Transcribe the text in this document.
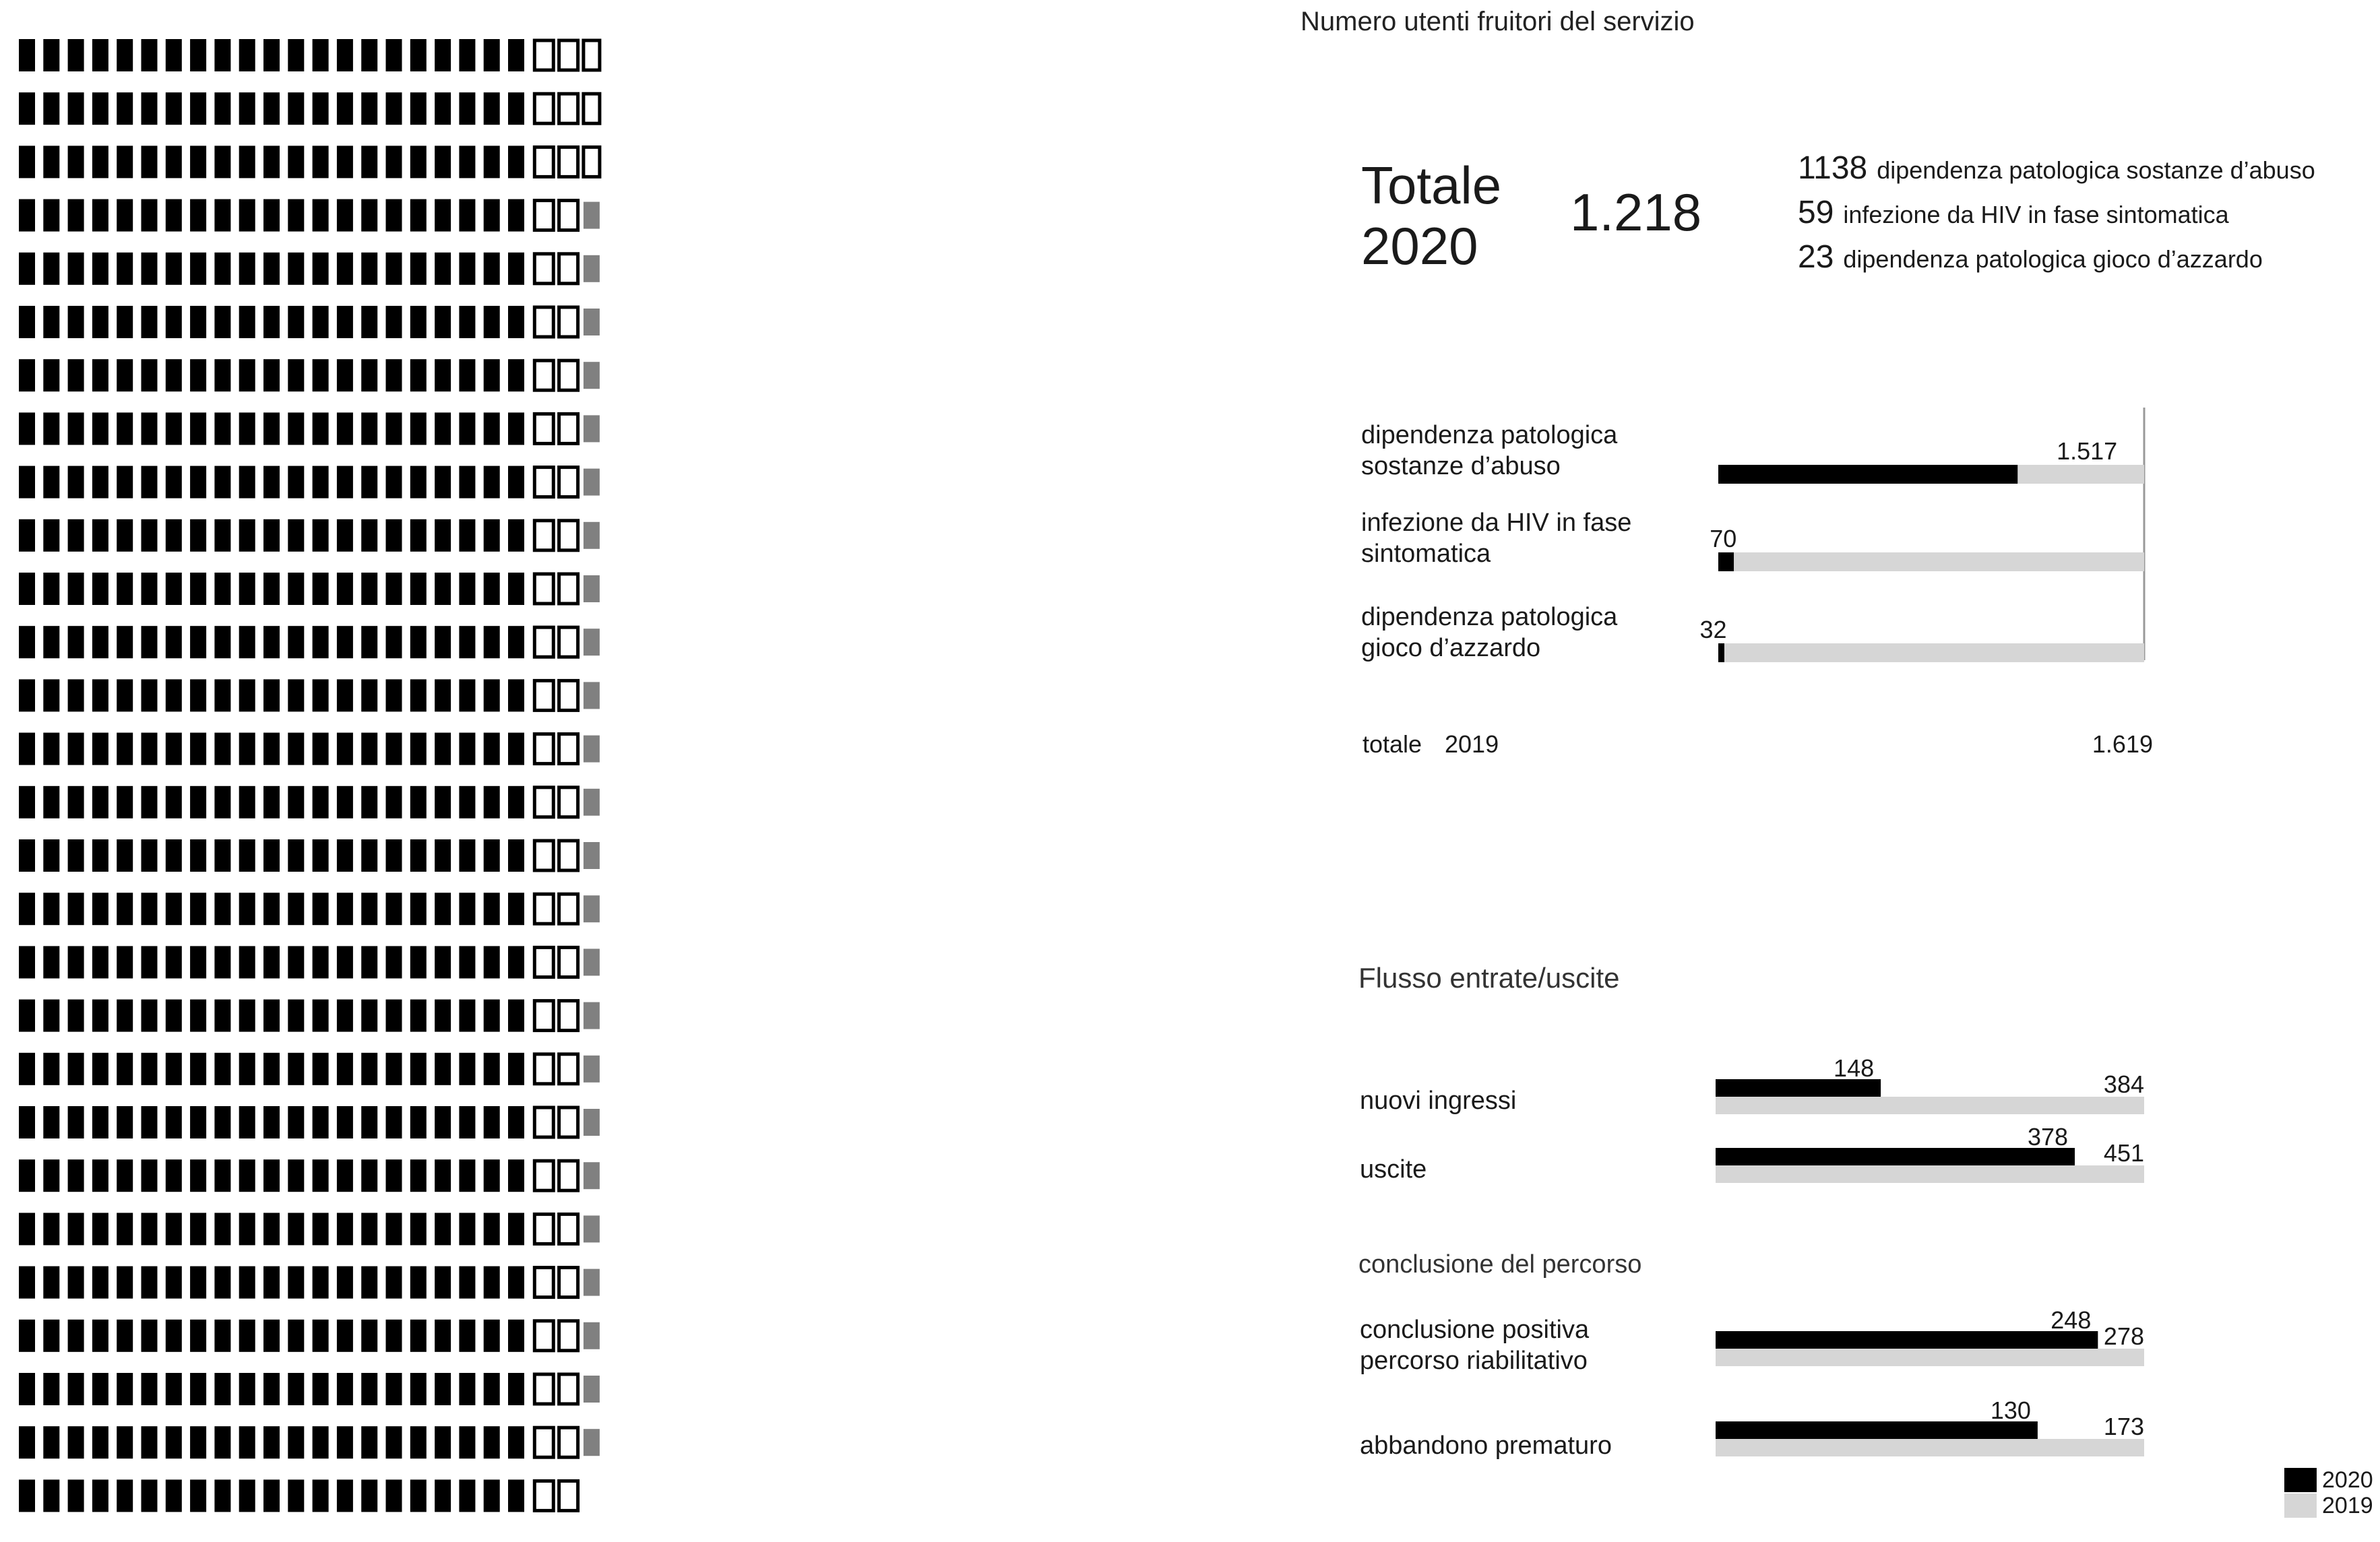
Numero utenti fruitori del servizio
Totale 2020
1.218
1138 dipendenza patologica sostanze d’abuso
59 infezione da HIV in fase sintomatica
23 dipendenza patologica gioco d’azzardo
Flusso entrate/uscite
conclusione del percorso
1.517
dipendenza patologica
sostanze d’abuso
70
infezione da HIV in fase
sintomatica
32
dipendenza patologica
gioco d’azzardo
totale 2019	1.619
148
384
nuovi ingressi
378
451
uscite
248
278
conclusione positiva
percorso riabilitativo
130
173
abbandono prematuro
2020
2019
